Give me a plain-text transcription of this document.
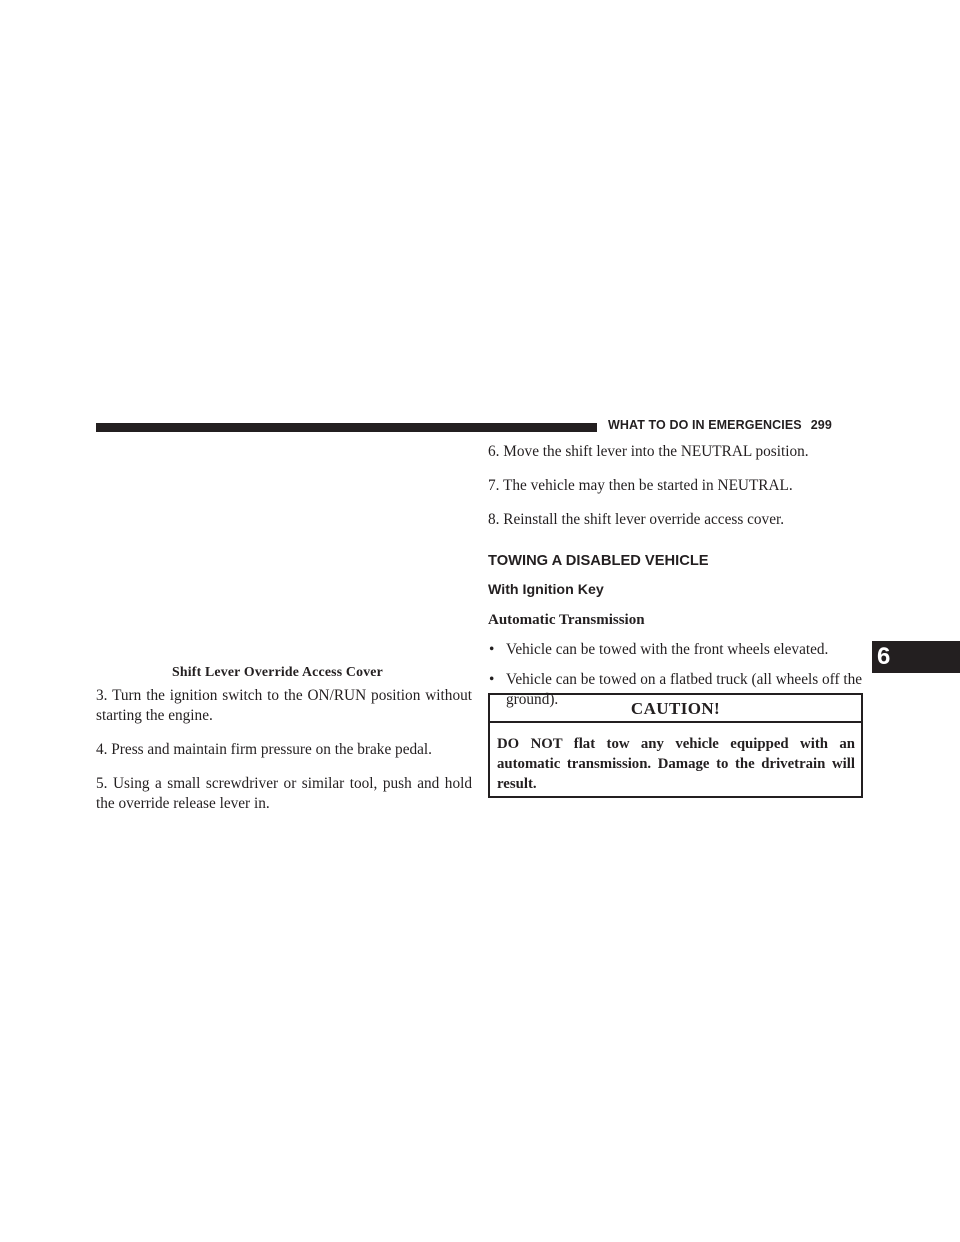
WHAT TO DO IN EMERGENCIES 299
6
Shift Lever Override Access Cover

3. Turn the ignition switch to the ON/RUN position without starting the engine.

4. Press and maintain firm pressure on the brake pedal.

5. Using a small screwdriver or similar tool, push and hold the override release lever in.

6. Move the shift lever into the NEUTRAL position.

7. The vehicle may then be started in NEUTRAL.

8. Reinstall the shift lever override access cover.

TOWING A DISABLED VEHICLE

With Ignition Key

Automatic Transmission

• Vehicle can be towed with the front wheels elevated.
• Vehicle can be towed on a flatbed truck (all wheels off the ground).	CAUTION!
DO NOT flat tow any vehicle equipped with an automatic transmission. Damage to the drivetrain will result.
